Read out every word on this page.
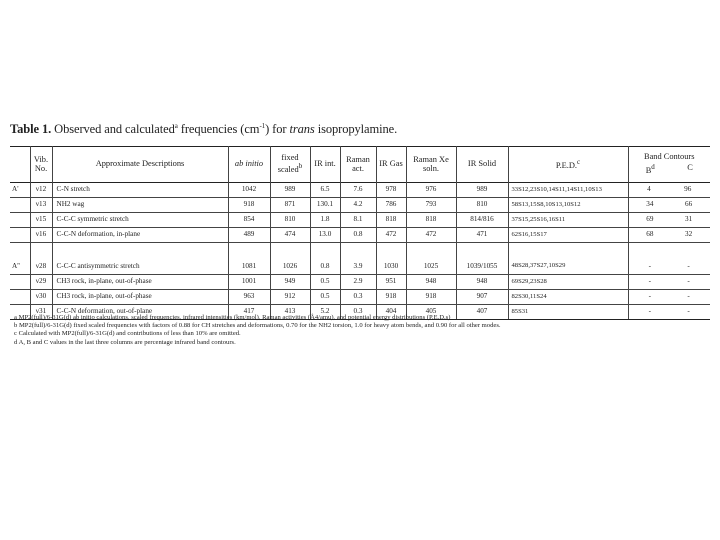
Table 1. Observed and calculated$^a$ frequencies $(cm^{-1})$ for trans isopropylamine.
	Vib. No.	Approximate Descriptions	ab initio	fixed scaled$^b$	IR int.	Raman act.	IR Gas	Raman Xe soln.	IR Solid	P.E.D.$^c$	Band Contours
$B^d$ C

A'	ν12	C-N stretch	1042	989	6.5	7.6	978	976	989	33S12,23S10,14S11,14S11,10S13	4 96

	ν13	NH2 wag	918	871	130.1	4.2	786	793	810	58S13,15S8,10S13,10S12	34 66

	ν15	C-C-C symmetric stretch	854	810	1.8	8.1	818	818	814/816	37S15,25S16,16S11	69 31

	ν16	C-C-N deformation, in-plane	489	474	13.0	0.8	472	472	471	62S16,15S17	68 32

A''	ν28	C-C-C antisymmetric stretch	1081	1026	0.8	3.9	1030	1025	1039/1055	48S28,37S27,10S29	- -

	ν29	CH3 rock, in-plane, out-of-phase	1001	949	0.5	2.9	951	948	948	69S29,23S28	- -

	ν30	CH3 rock, in-plane, out-of-phase	963	912	0.5	0.3	918	918	907	82S30,11S24	- -

	ν31	C-C-N deformation, out-of-plane	417	413	5.2	0.3	404	405	407	85S31	- -
a MP2(full)/6-31G(d) ab initio calculations, scaled frequencies, infrared intensities (km/mol), Raman activities (Å4/amu), and potential energy distributions (P.E.D.s)
b MP2(full)/6-31G(d) fixed scaled frequencies with factors of 0.88 for CH stretches and deformations, 0.70 for the NH2 torsion, 1.0 for heavy atom bends, and 0.90 for all other modes.
c Calculated with MP2(full)/6-31G(d) and contributions of less than 10% are omitted.
d A, B and C values in the last three columns are percentage infrared band contours.
